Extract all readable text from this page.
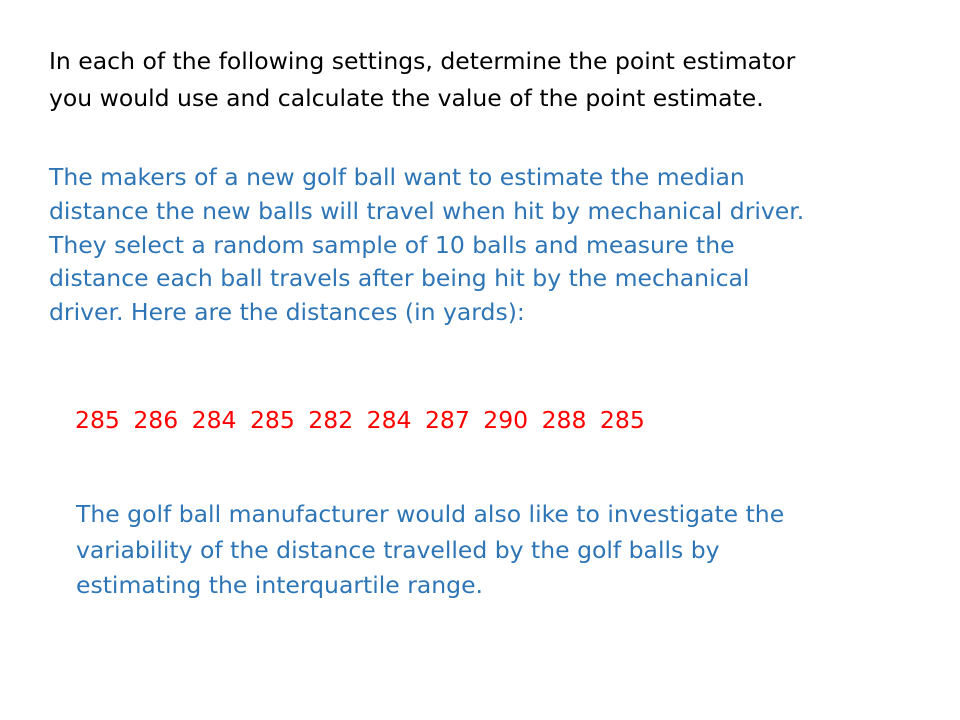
In each of the following settings, determine the point estimator
you would use and calculate the value of the point estimate.

The makers of a new golf ball want to estimate the median
distance the new balls will travel when hit by mechanical driver.
They select a random sample of 10 balls and measure the
distance each ball travels after being hit by the mechanical
driver. Here are the distances (in yards):

285 286 284 285 282 284 287 290 288 285

The golf ball manufacturer would also like to investigate the
variability of the distance travelled by the golf balls by
estimating the interquartile range.
